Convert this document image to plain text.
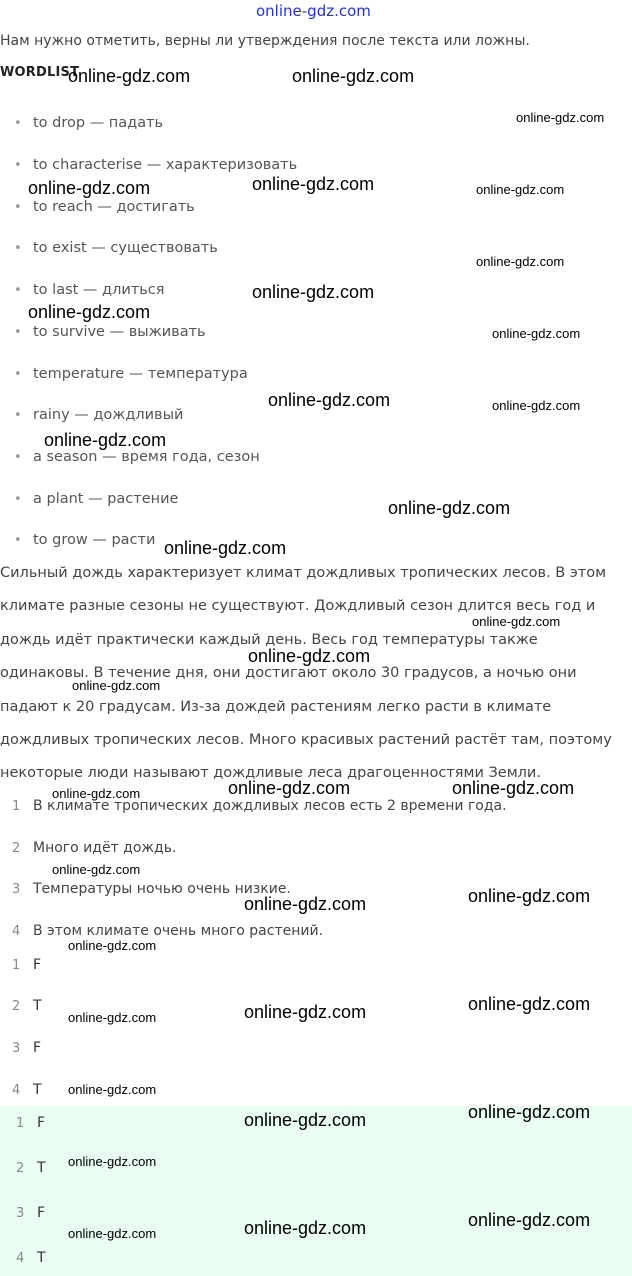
online-gdz.com
Нам нужно отметить, верны ли утверждения после текста или ложны.
WORDLIST
• to drop — падать
• to characterise — характеризовать
• to reach — достигать
• to exist — существовать
• to last — длиться
• to survive — выживать
• temperature — температура
• rainy — дождливый
• a season — время года, сезон
• a plant — растение
• to grow — расти
Сильный дождь характеризует климат дождливых тропических лесов. В этом
климате разные сезоны не существуют. Дождливый сезон длится весь год и
дождь идёт практически каждый день. Весь год температуры также
одинаковы. В течение дня, они достигают около 30 градусов, а ночью они
падают к 20 градусам. Из-за дождей растениям легко расти в климате
дождливых тропических лесов. Много красивых растений растёт там, поэтому
некоторые люди называют дождливые леса драгоценностями Земли.
1 В климате тропических дождливых лесов есть 2 времени года.
2 Много идёт дождь.
3 Температуры ночью очень низкие.
4 В этом климате очень много растений.
1 F
2 T
3 F
4 T
1 F
2 T
3 F
4 T
online-gdz.com	online-gdz.com
online-gdz.com
online-gdz.com	online-gdz.com	online-gdz.com
online-gdz.com
online-gdz.com
online-gdz.com
online-gdz.com
online-gdz.com	online-gdz.com
online-gdz.com
online-gdz.com
online-gdz.com
online-gdz.com
online-gdz.com
online-gdz.com
online-gdz.com	online-gdz.com
online-gdz.com
online-gdz.com
online-gdz.com
online-gdz.com
online-gdz.com
online-gdz.com
online-gdz.com
online-gdz.com
online-gdz.com
online-gdz.com
online-gdz.com
online-gdz.com
online-gdz.com
online-gdz.com
online-gdz.com
